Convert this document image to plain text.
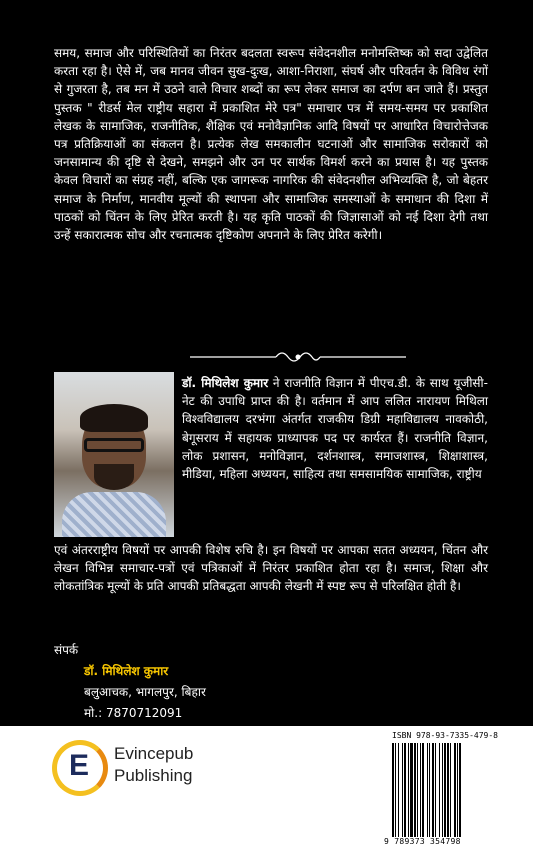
समय, समाज और परिस्थितियों का निरंतर बदलता स्वरूप संवेदनशील मनोमस्तिष्क को सदा उद्वेलित करता रहा है। ऐसे में, जब मानव जीवन सुख-दुःख, आशा-निराशा, संघर्ष और परिवर्तन के विविध रंगों से गुजरता है, तब मन में उठने वाले विचार शब्दों का रूप लेकर समाज का दर्पण बन जाते हैं। प्रस्तुत पुस्तक " रीडर्स मेल राष्ट्रीय सहारा में प्रकाशित मेरे पत्र" समाचार पत्र में समय-समय पर प्रकाशित लेखक के सामाजिक, राजनीतिक, शैक्षिक एवं मनोवैज्ञानिक आदि विषयों पर आधारित विचारोत्तेजक पत्र प्रतिक्रियाओं का संकलन है। प्रत्येक लेख समकालीन घटनाओं और सामाजिक सरोकारों को जनसामान्य की दृष्टि से देखने, समझने और उन पर सार्थक विमर्श करने का प्रयास है। यह पुस्तक केवल विचारों का संग्रह नहीं, बल्कि एक जागरूक नागरिक की संवेदनशील अभिव्यक्ति है, जो बेहतर समाज के निर्माण, मानवीय मूल्यों की स्थापना और सामाजिक समस्याओं के समाधान की दिशा में पाठकों को चिंतन के लिए प्रेरित करती है। यह कृति पाठकों की जिज्ञासाओं को नई दिशा देगी तथा उन्हें सकारात्मक सोच और रचनात्मक दृष्टिकोण अपनाने के लिए प्रेरित करेगी।
डॉ. मिथिलेश कुमार ने राजनीति विज्ञान में पीएच.डी. के साथ यूजीसी-नेट की उपाधि प्राप्त की है। वर्तमान में आप ललित नारायण मिथिला विश्वविद्यालय दरभंगा अंतर्गत राजकीय डिग्री महाविद्यालय नावकोठी, बेगूसराय में सहायक प्राध्यापक पद पर कार्यरत हैं। राजनीति विज्ञान, लोक प्रशासन, मनोविज्ञान, दर्शनशास्त्र, समाजशास्त्र, शिक्षाशास्त्र, मीडिया, महिला अध्ययन, साहित्य तथा समसामयिक सामाजिक, राष्ट्रीय
एवं अंतरराष्ट्रीय विषयों पर आपकी विशेष रुचि है। इन विषयों पर आपका सतत अध्ययन, चिंतन और लेखन विभिन्न समाचार-पत्रों एवं पत्रिकाओं में निरंतर प्रकाशित होता रहा है। समाज, शिक्षा और लोकतांत्रिक मूल्यों के प्रति आपकी प्रतिबद्धता आपकी लेखनी में स्पष्ट रूप से परिलक्षित होती है।
संपर्क
डॉ. मिथिलेश कुमार
बलुआचक, भागलपुर, बिहार
मो.: 7870712091
E Evincepub
Publishing
ISBN 978-93-7335-479-8
9 789373 354798
